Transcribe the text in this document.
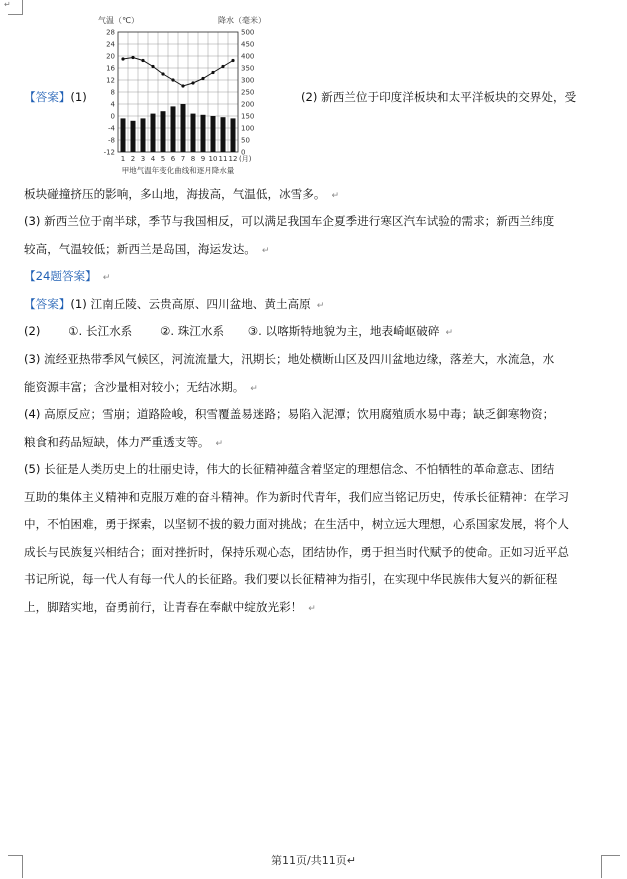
↵
气温（℃）	降水（毫米）
28
24
20
16
12
8
4
0
-4
-8
-12
500
450
400
350
300
250
200
150
100
50
0
1 2 3 4 5 6 7 8 9 10 11 12 (月)
甲地气温年变化曲线和逐月降水量
【答案】(1)	(2) 新西兰位于印度洋板块和太平洋板块的交界处，受
板块碰撞挤压的影响，多山地，海拔高，气温低，冰雪多。 ↵
(3) 新西兰位于南半球，季节与我国相反，可以满足我国车企夏季进行寒区汽车试验的需求；新西兰纬度
较高，气温较低；新西兰是岛国，海运发达。 ↵
【24题答案】 ↵
【答案】(1) 江南丘陵、云贵高原、四川盆地、黄土高原 ↵
(2) ①. 长江水系 ②. 珠江水系 ③. 以喀斯特地貌为主，地表崎岖破碎 ↵
(3) 流经亚热带季风气候区，河流流量大，汛期长；地处横断山区及四川盆地边缘，落差大，水流急，水
能资源丰富；含沙量相对较小；无结冰期。 ↵
(4) 高原反应；雪崩；道路险峻，积雪覆盖易迷路；易陷入泥潭；饮用腐殖质水易中毒；缺乏御寒物资；
粮食和药品短缺，体力严重透支等。 ↵
(5) 长征是人类历史上的壮丽史诗，伟大的长征精神蕴含着坚定的理想信念、不怕牺牲的革命意志、团结
互助的集体主义精神和克服万难的奋斗精神。作为新时代青年，我们应当铭记历史，传承长征精神：在学习
中，不怕困难，勇于探索，以坚韧不拔的毅力面对挑战；在生活中，树立远大理想，心系国家发展，将个人
成长与民族复兴相结合；面对挫折时，保持乐观心态，团结协作，勇于担当时代赋予的使命。正如习近平总
书记所说，每一代人有每一代人的长征路。我们要以长征精神为指引，在实现中华民族伟大复兴的新征程
上，脚踏实地，奋勇前行，让青春在奉献中绽放光彩！ ↵
第11页/共11页↵
